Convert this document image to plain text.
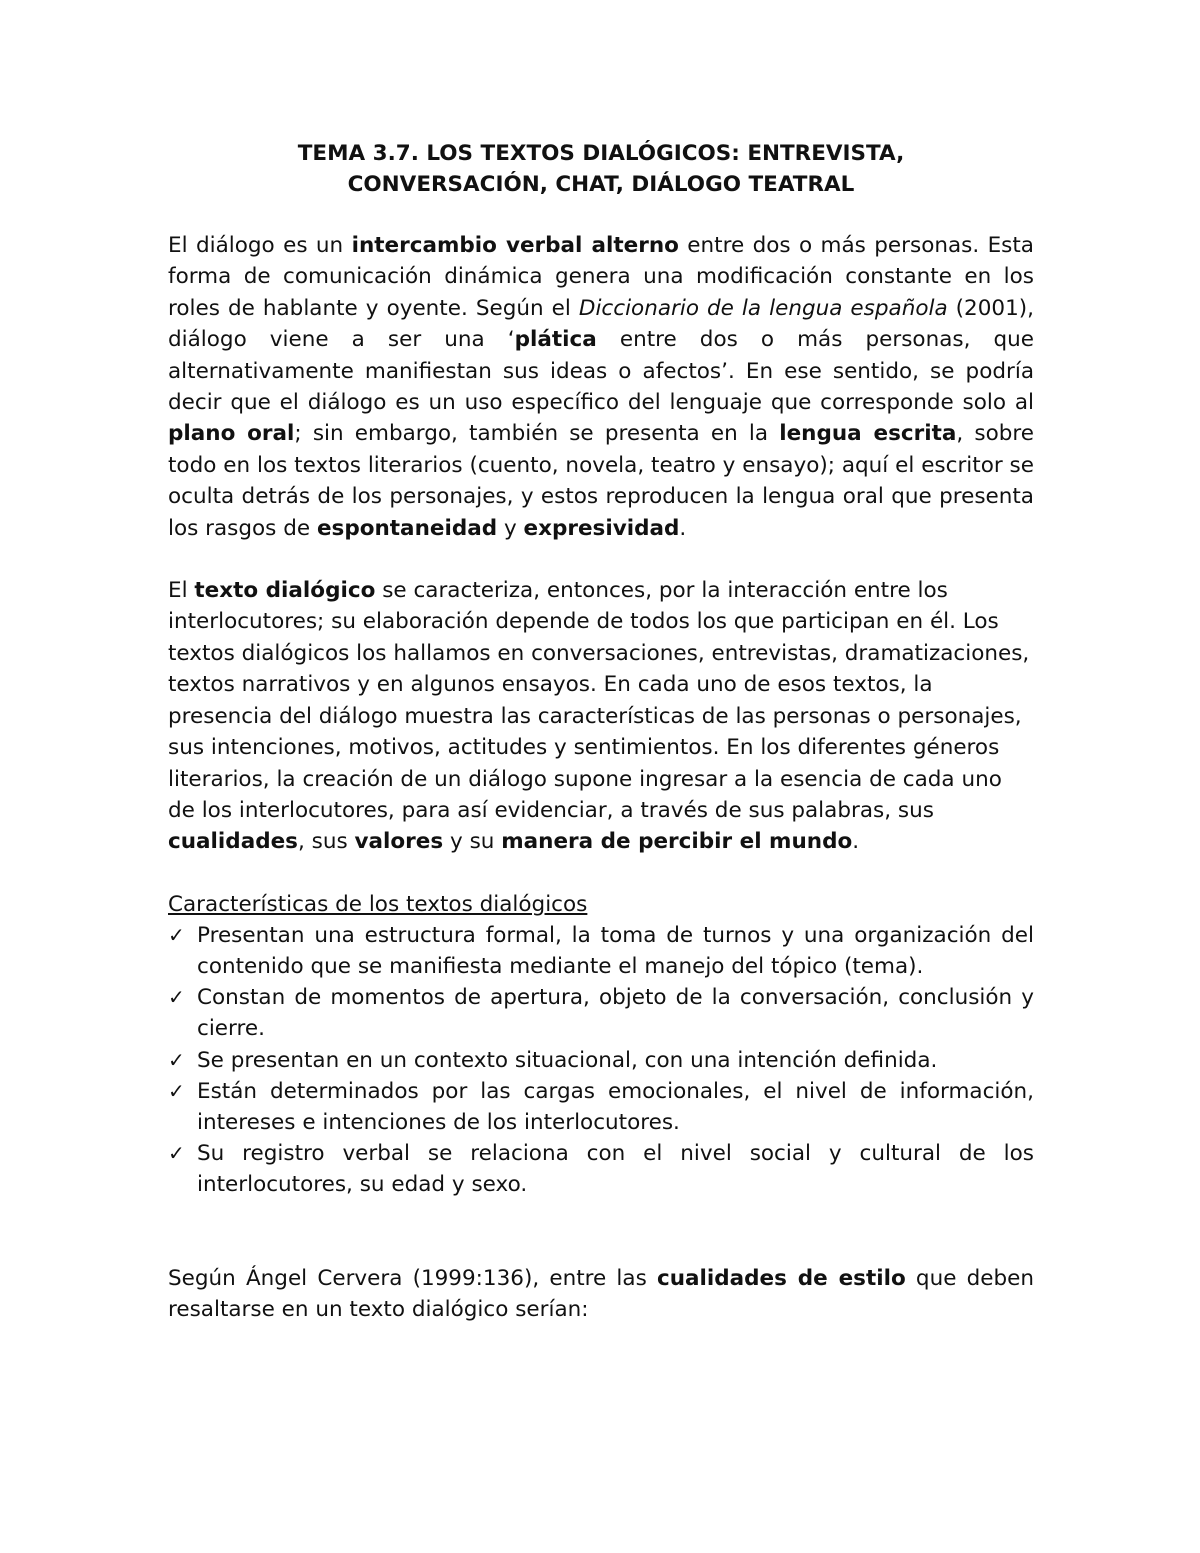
TEMA 3.7. LOS TEXTOS DIALÓGICOS: ENTREVISTA,
CONVERSACIÓN, CHAT, DIÁLOGO TEATRAL

El diálogo es un intercambio verbal alterno entre dos o más personas. Esta forma de comunicación dinámica genera una modificación constante en los roles de hablante y oyente. Según el Diccionario de la lengua española (2001), diálogo viene a ser una ‘plática entre dos o más personas, que alternativamente manifiestan sus ideas o afectos’. En ese sentido, se podría decir que el diálogo es un uso específico del lenguaje que corresponde solo al plano oral; sin embargo, también se presenta en la lengua escrita, sobre todo en los textos literarios (cuento, novela, teatro y ensayo); aquí el escritor se oculta detrás de los personajes, y estos reproducen la lengua oral que presenta los rasgos de espontaneidad y expresividad.

El texto dialógico se caracteriza, entonces, por la interacción entre los interlocutores; su elaboración depende de todos los que participan en él. Los textos dialógicos los hallamos en conversaciones, entrevistas, dramatizaciones, textos narrativos y en algunos ensayos. En cada uno de esos textos, la presencia del diálogo muestra las características de las personas o personajes, sus intenciones, motivos, actitudes y sentimientos. En los diferentes géneros literarios, la creación de un diálogo supone ingresar a la esencia de cada uno de los interlocutores, para así evidenciar, a través de sus palabras, sus cualidades, sus valores y su manera de percibir el mundo.

Características de los textos dialógicos
✓ Presentan una estructura formal, la toma de turnos y una organización del contenido que se manifiesta mediante el manejo del tópico (tema).
✓ Constan de momentos de apertura, objeto de la conversación, conclusión y cierre.
✓ Se presentan en un contexto situacional, con una intención definida.
✓ Están determinados por las cargas emocionales, el nivel de información, intereses e intenciones de los interlocutores.
✓ Su registro verbal se relaciona con el nivel social y cultural de los interlocutores, su edad y sexo.

Según Ángel Cervera (1999:136), entre las cualidades de estilo que deben resaltarse en un texto dialógico serían:
